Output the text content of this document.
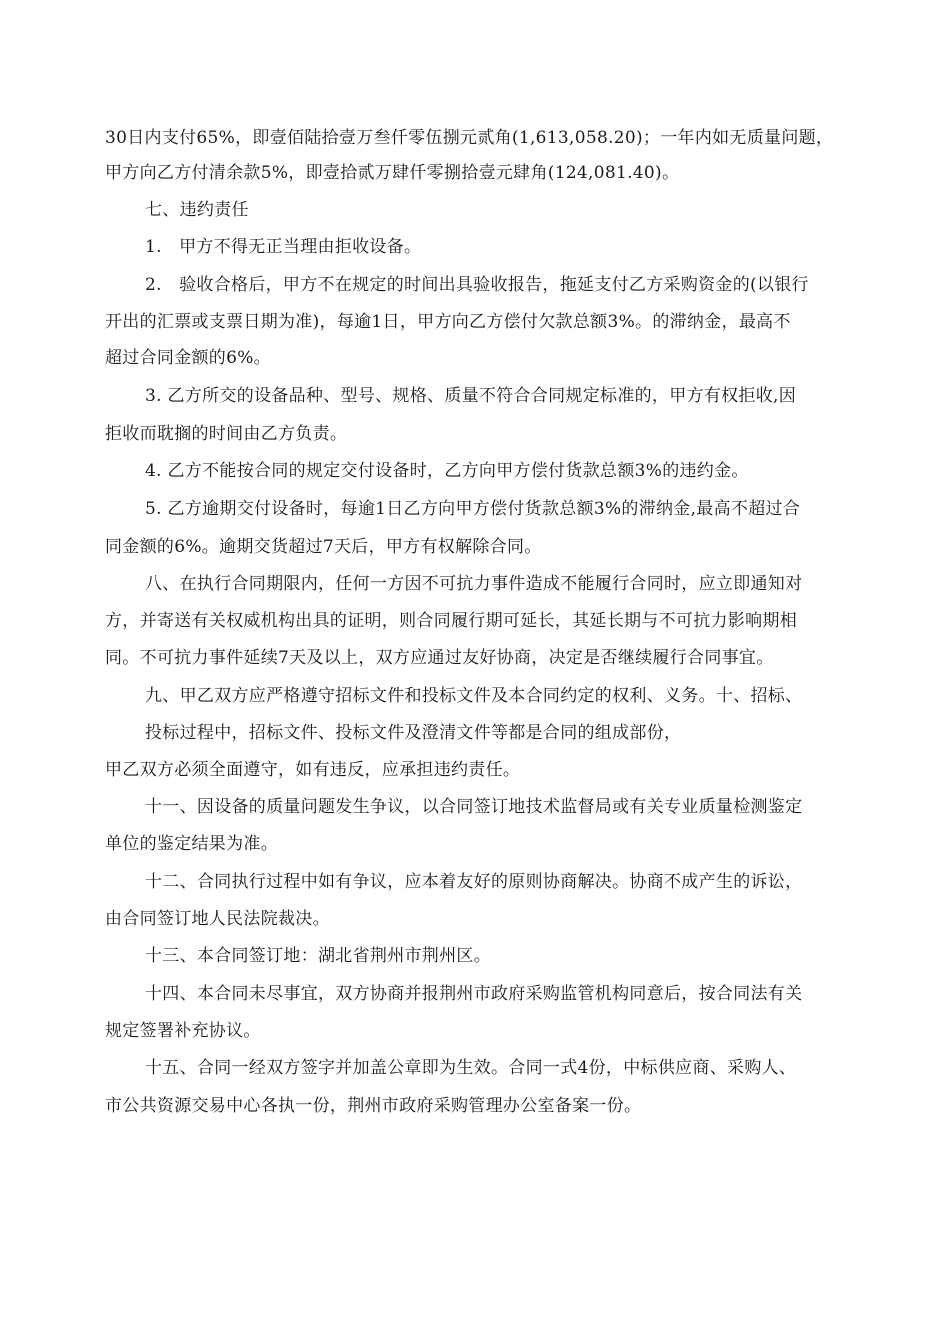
30日内支付65%，即壹佰陆拾壹万叁仟零伍捌元贰角(1,613,058.20)；一年内如无质量问题，
甲方向乙方付清余款5%，即壹拾贰万肆仟零捌拾壹元肆角(124,081.40)。
七、违约责任
1.　甲方不得无正当理由拒收设备。
2.　验收合格后，甲方不在规定的时间出具验收报告，拖延支付乙方采购资金的(以银行
开出的汇票或支票日期为准)，每逾1日，甲方向乙方偿付欠款总额3%。的滞纳金，最高不
超过合同金额的6%。
3. 乙方所交的设备品种、型号、规格、质量不符合合同规定标准的，甲方有权拒收,因
拒收而耽搁的时间由乙方负责。
4. 乙方不能按合同的规定交付设备时，乙方向甲方偿付货款总额3%的违约金。
5. 乙方逾期交付设备时，每逾1日乙方向甲方偿付货款总额3%的滞纳金,最高不超过合
同金额的6%。逾期交货超过7天后，甲方有权解除合同。
八、在执行合同期限内，任何一方因不可抗力事件造成不能履行合同时，应立即通知对
方，并寄送有关权威机构出具的证明，则合同履行期可延长，其延长期与不可抗力影响期相
同。不可抗力事件延续7天及以上，双方应通过友好协商，决定是否继续履行合同事宜。
九、甲乙双方应严格遵守招标文件和投标文件及本合同约定的权利、义务。十、招标、
投标过程中，招标文件、投标文件及澄清文件等都是合同的组成部份，
甲乙双方必须全面遵守，如有违反，应承担违约责任。
十一、因设备的质量问题发生争议，以合同签订地技术监督局或有关专业质量检测鉴定
单位的鉴定结果为准。
十二、合同执行过程中如有争议，应本着友好的原则协商解决。协商不成产生的诉讼，
由合同签订地人民法院裁决。
十三、本合同签订地：湖北省荆州市荆州区。
十四、本合同未尽事宜，双方协商并报荆州市政府采购监管机构同意后，按合同法有关
规定签署补充协议。
十五、合同一经双方签字并加盖公章即为生效。合同一式4份，中标供应商、采购人、
市公共资源交易中心各执一份，荆州市政府采购管理办公室备案一份。
